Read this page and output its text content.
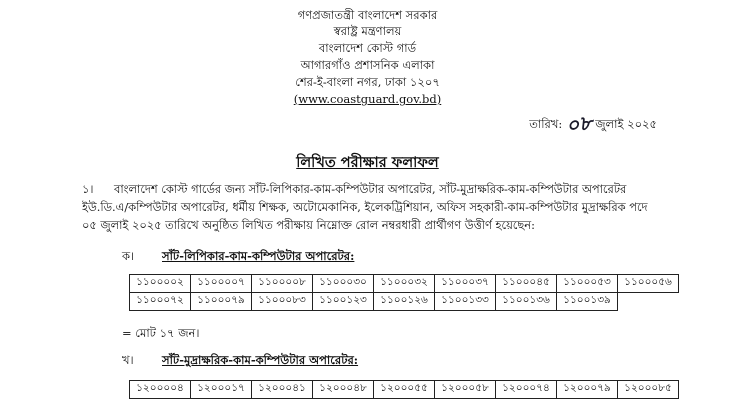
গণপ্রজাতন্ত্রী বাংলাদেশ সরকার
স্বরাষ্ট্র মন্ত্রণালয়
বাংলাদেশ কোস্ট গার্ড
আগারগাঁও প্রশাসনিক এলাকা
শের-ই-বাংলা নগর, ঢাকা ১২০৭
(www.coastguard.gov.bd)
তারিখ: ০৮ জুলাই ২০২৫
লিখিত পরীক্ষার ফলাফল
১।	বাংলাদেশ কোস্ট গার্ডের জন্য সাঁট-লিপিকার-কাম-কম্পিউটার অপারেটর, সাঁট-মুদ্রাক্ষরিক-কাম-কম্পিউটার অপারেটর
ইউ.ডি.এ/কম্পিউটার অপারেটর, ধর্মীয় শিক্ষক, অটোমেকানিক, ইলেকট্রিশিয়ান, অফিস সহকারী-কাম-কম্পিউটার মুদ্রাক্ষরিক পদে
০৫ জুলাই ২০২৫ তারিখে অনুষ্ঠিত লিখিত পরীক্ষায় নিম্নোক্ত রোল নম্বরধারী প্রার্থীগণ উত্তীর্ণ হয়েছেন:
ক।	সাঁট-লিপিকার-কাম-কম্পিউটার অপারেটর:
১১০০০০২	১১০০০০৭	১১০০০০৮	১১০০০৩০	১১০০০৩২	১১০০০৩৭	১১০০০৪৫	১১০০০৫৩	১১০০০৫৬
১১০০০৭২	১১০০০৭৯	১১০০০৮৩	১১০০১২৩	১১০০১২৬	১১০০১৩৩	১১০০১৩৬	১১০০১৩৯	
= মোট ১৭ জন।
খ।	সাঁট-মুদ্রাক্ষরিক-কাম-কম্পিউটার অপারেটর:
১২০০০০৪	১২০০০১৭	১২০০০৪১	১২০০০৪৮	১২০০০৫৫	১২০০০৫৮	১২০০০৭৪	১২০০০৭৯	১২০০০৮৫
